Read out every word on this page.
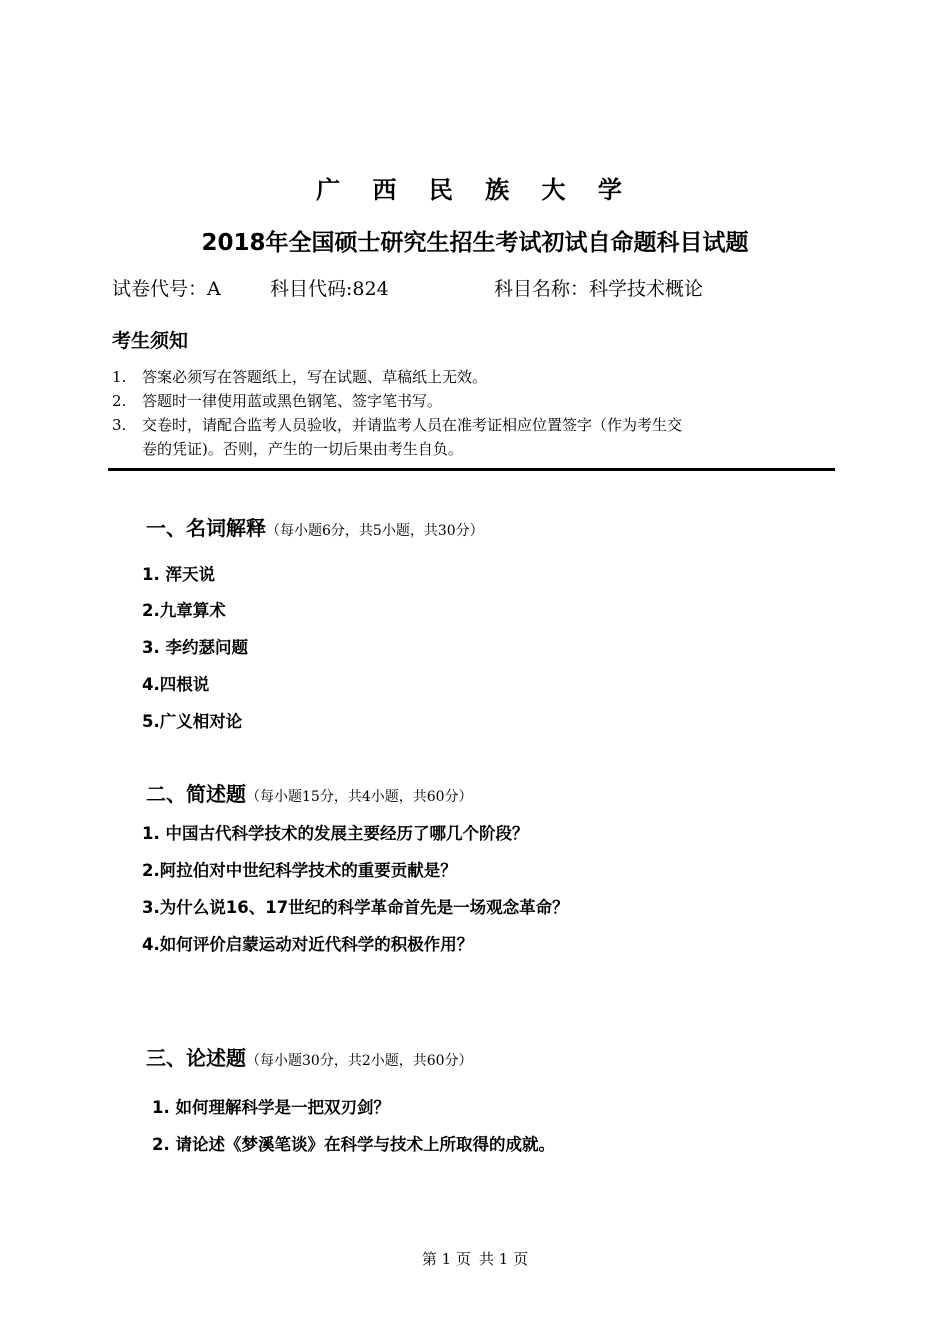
广 西 民 族 大 学
2018年全国硕士研究生招生考试初试自命题科目试题
试卷代号：A	科目代码:824	科目名称：科学技术概论
考生须知
1. 答案必须写在答题纸上，写在试题、草稿纸上无效。
2. 答题时一律使用蓝或黑色钢笔、签字笔书写。
3. 交卷时，请配合监考人员验收，并请监考人员在准考证相应位置签字（作为考生交
卷的凭证)。否则，产生的一切后果由考生自负。
一、名词解释（每小题6分，共5小题，共30分）
1. 浑天说
2.九章算术
3. 李约瑟问题
4.四根说
5.广义相对论
二、简述题（每小题15分，共4小题，共60分）
1. 中国古代科学技术的发展主要经历了哪几个阶段？
2.阿拉伯对中世纪科学技术的重要贡献是？
3.为什么说16、17世纪的科学革命首先是一场观念革命？
4.如何评价启蒙运动对近代科学的积极作用？
三、论述题（每小题30分，共2小题，共60分）
1. 如何理解科学是一把双刃剑？
2. 请论述《梦溪笔谈》在科学与技术上所取得的成就。
第 1 页 共 1 页
